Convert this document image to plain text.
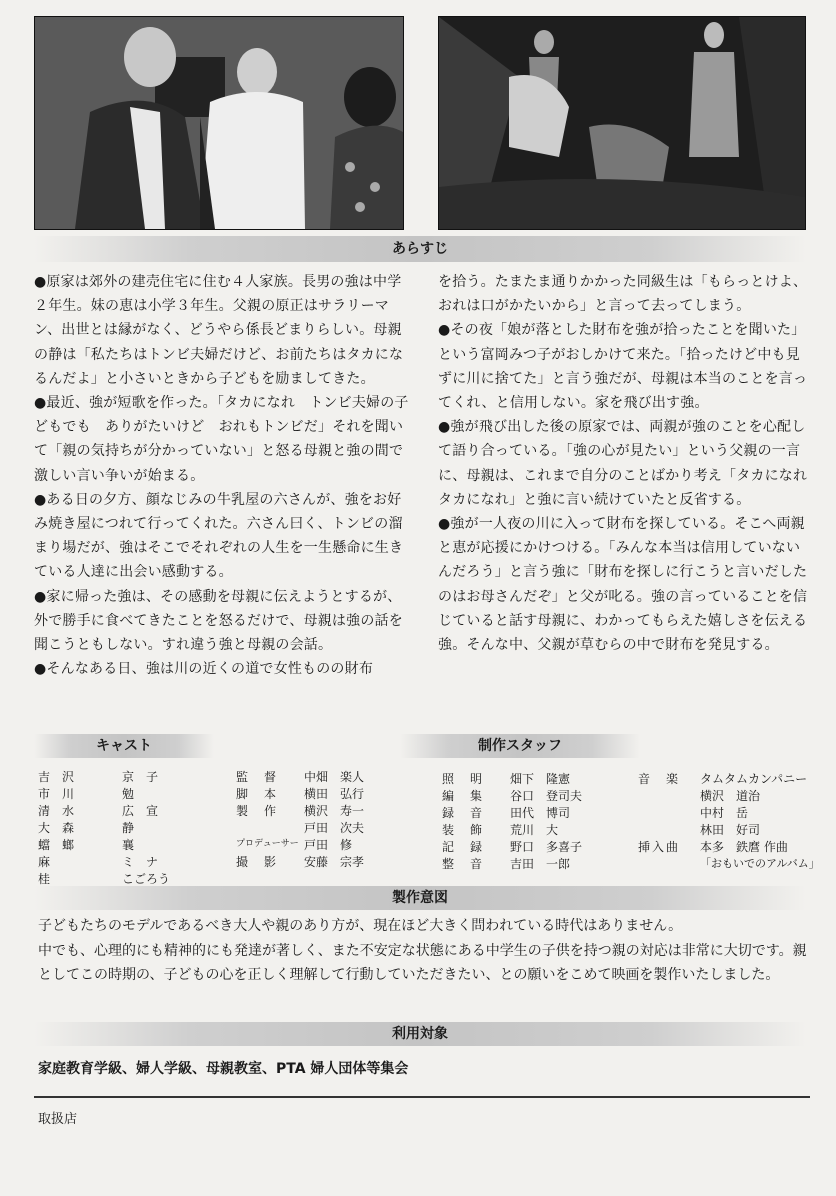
あらすじ

●原家は郊外の建売住宅に住む４人家族。長男の強は中学２年生。妹の恵は小学３年生。父親の原正はサラリーマン、出世とは縁がなく、どうやら係長どまりらしい。母親の静は「私たちはトンビ夫婦だけど、お前たちはタカになるんだよ」と小さいときから子どもを励ましてきた。

●最近、強が短歌を作った。「タカになれ　トンビ夫婦の子どもでも　ありがたいけど　おれもトンビだ」それを聞いて「親の気持ちが分かっていない」と怒る母親と強の間で激しい言い争いが始まる。

●ある日の夕方、顔なじみの牛乳屋の六さんが、強をお好み焼き屋につれて行ってくれた。六さん曰く、トンビの溜まり場だが、強はそこでそれぞれの人生を一生懸命に生きている人達に出会い感動する。

●家に帰った強は、その感動を母親に伝えようとするが、外で勝手に食べてきたことを怒るだけで、母親は強の話を聞こうともしない。すれ違う強と母親の会話。

●そんなある日、強は川の近くの道で女性ものの財布

を拾う。たまたま通りかかった同級生は「もらっとけよ、おれは口がかたいから」と言って去ってしまう。

●その夜「娘が落とした財布を強が拾ったことを聞いた」という富岡みつ子がおしかけて来た。「拾ったけど中も見ずに川に捨てた」と言う強だが、母親は本当のことを言ってくれ、と信用しない。家を飛び出す強。

●強が飛び出した後の原家では、両親が強のことを心配して語り合っている。「強の心が見たい」という父親の一言に、母親は、これまで自分のことばかり考え「タカになれタカになれ」と強に言い続けていたと反省する。

●強が一人夜の川に入って財布を探している。そこへ両親と恵が応援にかけつける。「みんな本当は信用していないんだろう」と言う強に「財布を探しに行こうと言いだしたのはお母さんだぞ」と父が叱る。強の言っていることを信じていると話す母親に、わかってもらえた嬉しさを伝える強。そんな中、父親が草むらの中で財布を発見する。

キャスト	制作スタッフ
吉　沢	京　子
市　川	勉
清　水	広　宣
大　森	静
蟷　螂	襄
麻	ミ　ナ
桂	こごろう
監　督	中畑　楽人
脚　本	横田　弘行
製　作	横沢　寿一
	戸田　次夫
プロデューサー	戸田　修
撮　影	安藤　宗孝
照　明	畑下　隆憲
編　集	谷口　登司夫
録　音	田代　博司
装　飾	荒川　大
記　録	野口　多喜子
整　音	吉田　一郎
音　楽	タムタムカンパニー
	横沢　道治
	中村　岳
	林田　好司
挿入曲	本多　鉄麿 作曲
	「おもいでのアルバム」
製作意図

子どもたちのモデルであるべき大人や親のあり方が、現在ほど大きく問われている時代はありません。

中でも、心理的にも精神的にも発達が著しく、また不安定な状態にある中学生の子供を持つ親の対応は非常に大切です。親としてこの時期の、子どもの心を正しく理解して行動していただきたい、との願いをこめて映画を製作いたしました。

利用対象
家庭教育学級、婦人学級、母親教室、PTA 婦人団体等集会
取扱店
